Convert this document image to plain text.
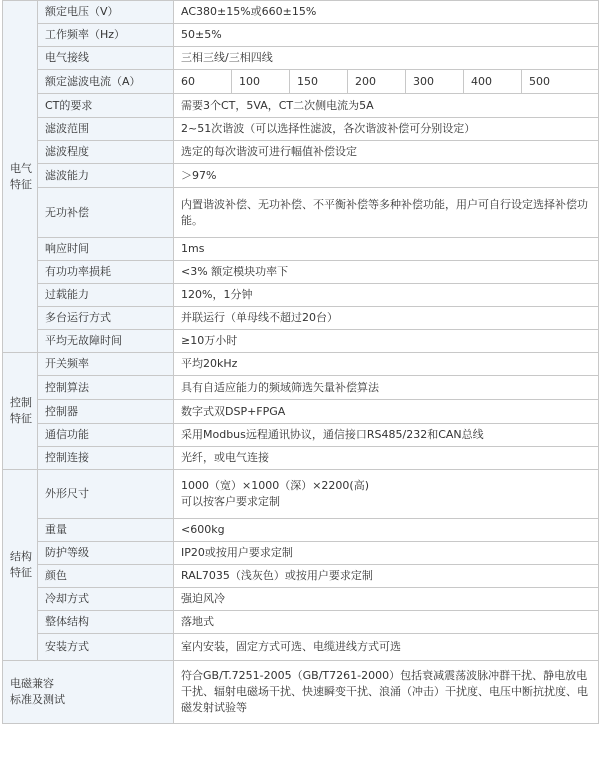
电气
特征	额定电压（V）	AC380±15%或660±15%						
	工作频率（Hz）	50±5%						
	电气接线	三相三线/三相四线						
	额定滤波电流（A）	60	100	150	200	300	400	500
	CT的要求	需要3个CT，5VA，CT二次侧电流为5A						
	滤波范围	2~51次谐波（可以选择性滤波，各次谐波补偿可分别设定）						
	滤波程度	选定的每次谐波可进行幅值补偿设定						
	滤波能力	＞97%						
	无功补偿	内置谐波补偿、无功补偿、不平衡补偿等多种补偿功能，用户可自行设定选择补偿功能。						
	响应时间	1ms						
	有功功率损耗	<3% 额定模块功率下						
	过载能力	120%，1分钟						
	多台运行方式	并联运行（单母线不超过20台）						
	平均无故障时间	≥10万小时						
控制
特征	开关频率	平均20kHz						
	控制算法	具有自适应能力的频域筛选矢量补偿算法						
	控制器	数字式双DSP+FPGA						
	通信功能	采用Modbus远程通讯协议，通信接口RS485/232和CAN总线						
	控制连接	光纤，或电气连接						
结构
特征	外形尺寸	1000（宽）×1000（深）×2200(高)
可以按客户要求定制						
	重量	<600kg						
	防护等级	IP20或按用户要求定制						
	颜色	RAL7035（浅灰色）或按用户要求定制						
	冷却方式	强迫风冷						
	整体结构	落地式						
	安装方式	室内安装，固定方式可选、电缆进线方式可选						
电磁兼容
标准及测试		符合GB/T.7251-2005（GB/T7261-2000）包括衰减震荡波脉冲群干扰、静电放电干扰、辐射电磁场干扰、快速瞬变干扰、浪涌（冲击）干扰度、电压中断抗扰度、电磁发射试验等						
